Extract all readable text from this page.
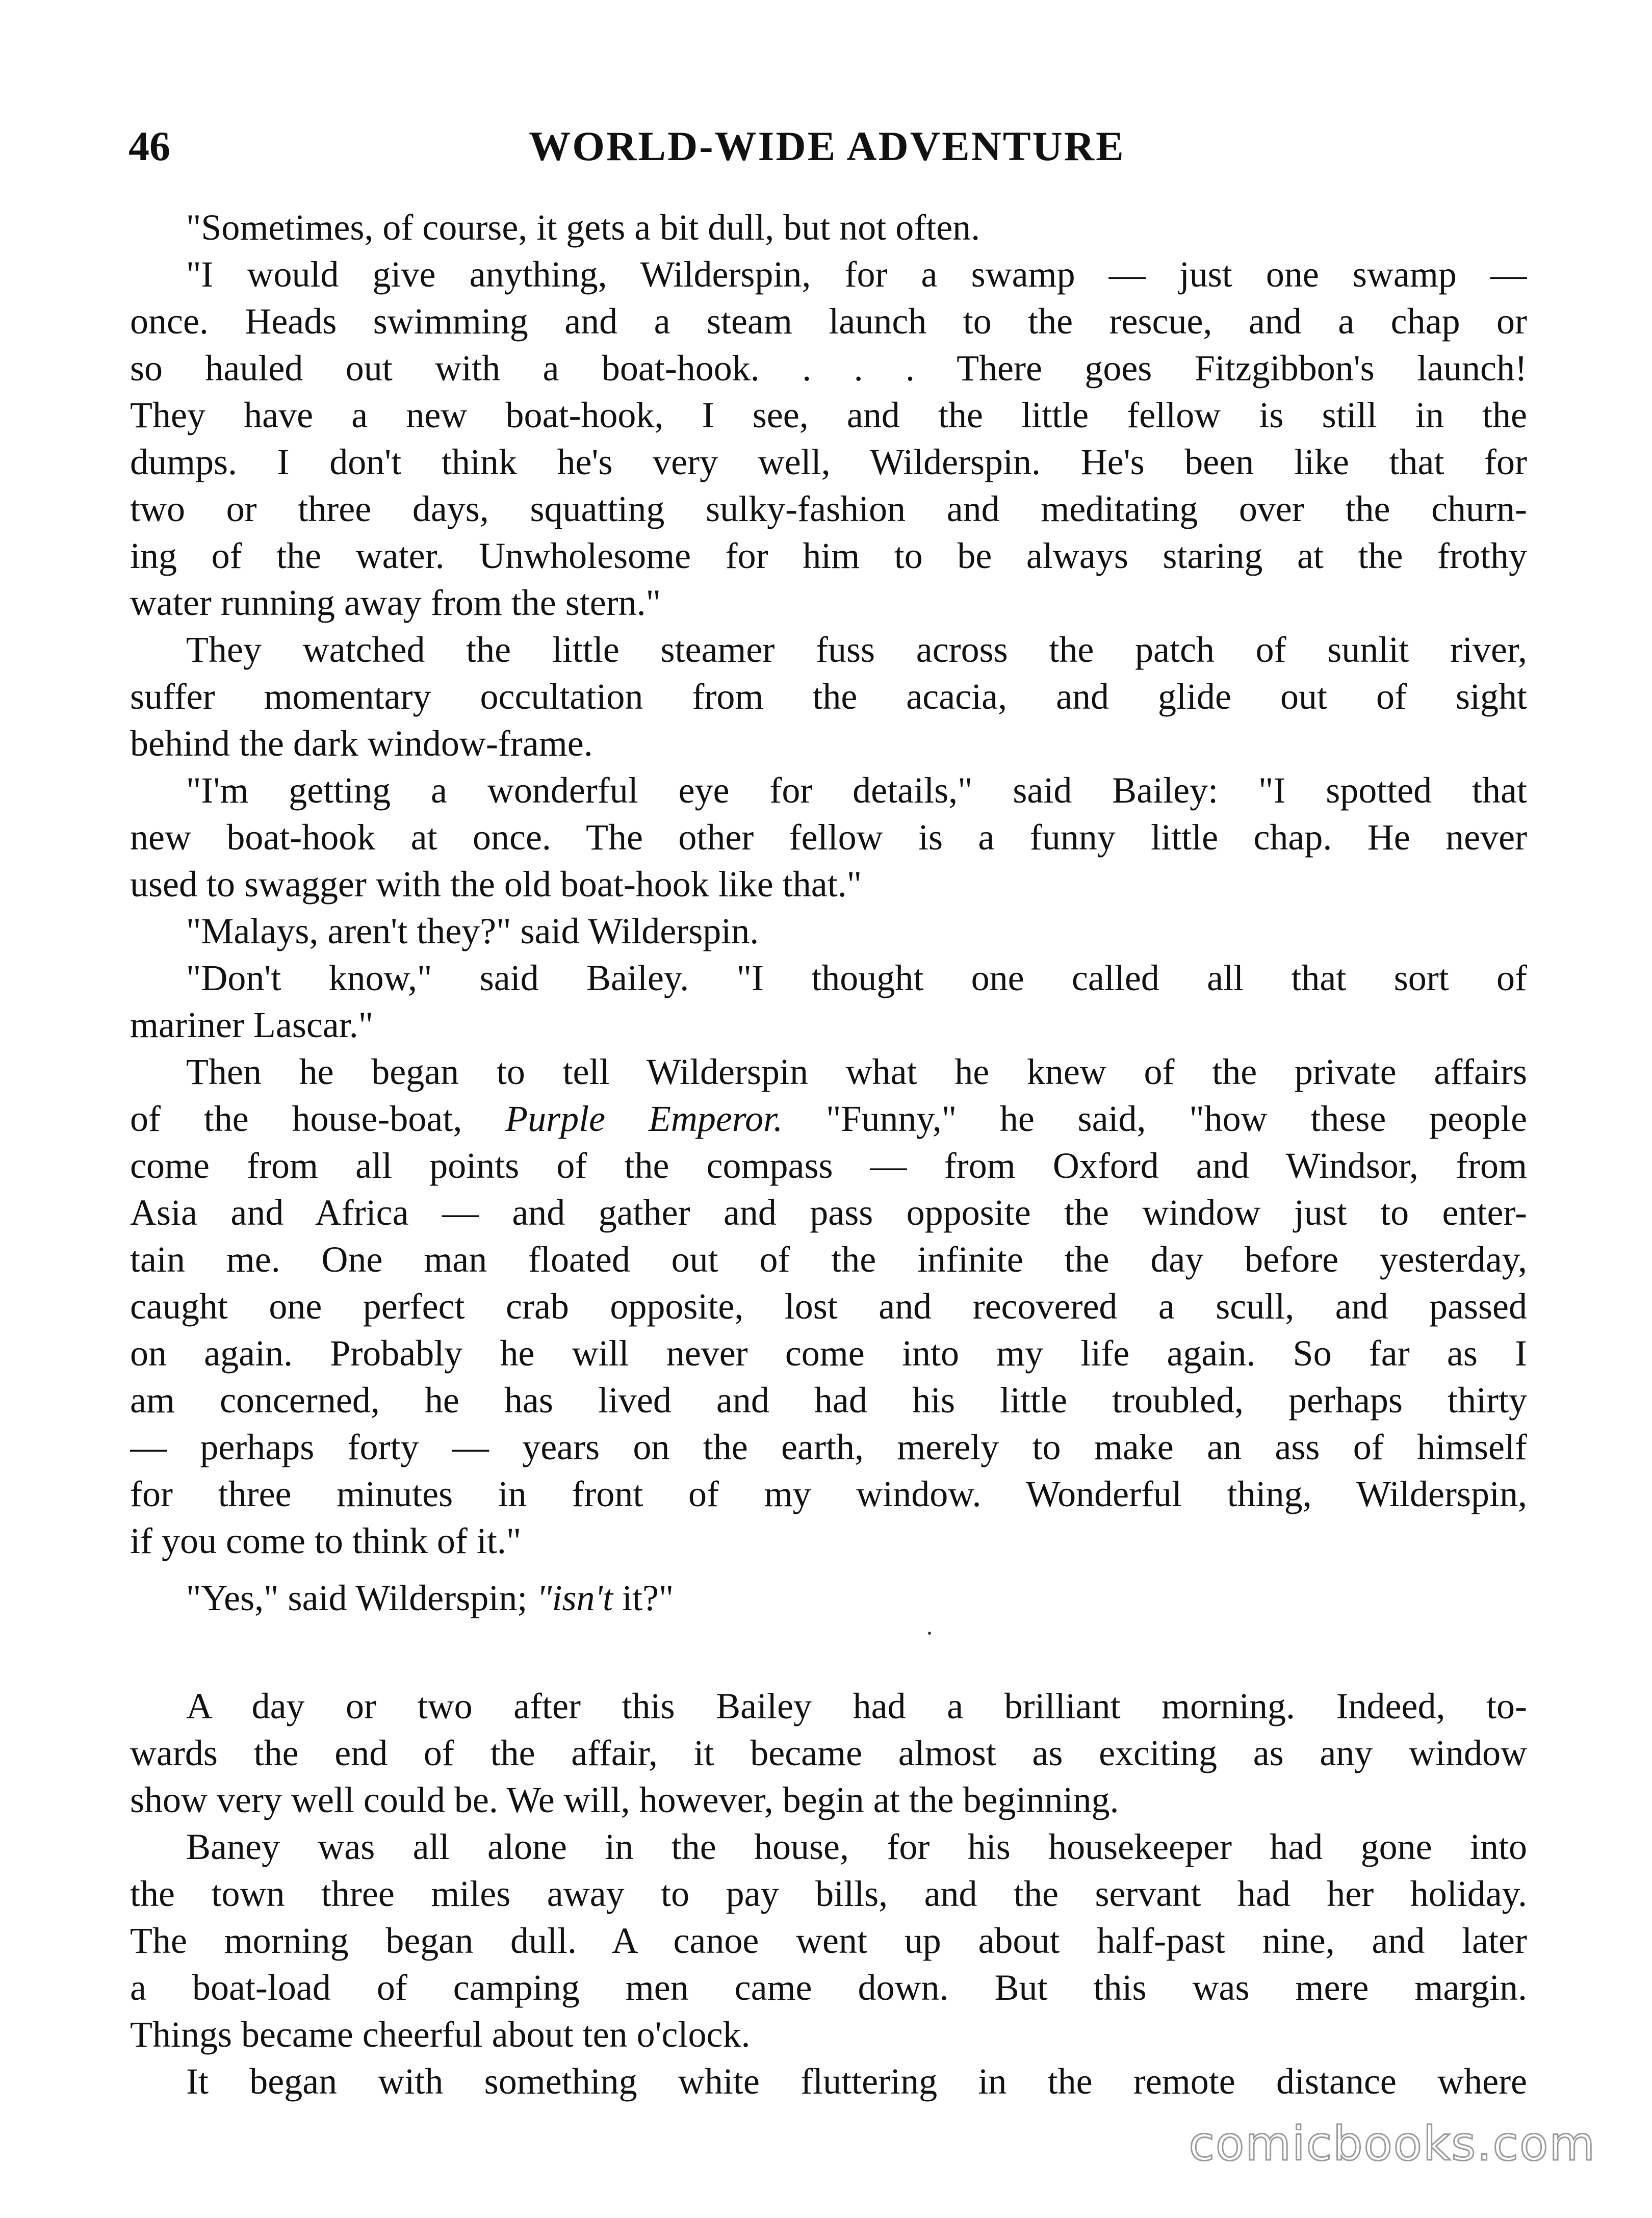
46	WORLD-WIDE ADVENTURE
"Sometimes, of course, it gets a bit dull, but not often.
"I would give anything, Wilderspin, for a swamp — just one swamp —
once. Heads swimming and a steam launch to the rescue, and a chap or
so hauled out with a boat-hook. . . . There goes Fitzgibbon's launch!
They have a new boat-hook, I see, and the little fellow is still in the
dumps. I don't think he's very well, Wilderspin. He's been like that for
two or three days, squatting sulky-fashion and meditating over the churn-
ing of the water. Unwholesome for him to be always staring at the frothy
water running away from the stern."
They watched the little steamer fuss across the patch of sunlit river,
suffer momentary occultation from the acacia, and glide out of sight
behind the dark window-frame.
"I'm getting a wonderful eye for details," said Bailey: "I spotted that
new boat-hook at once. The other fellow is a funny little chap. He never
used to swagger with the old boat-hook like that."
"Malays, aren't they?" said Wilderspin.
"Don't know," said Bailey. "I thought one called all that sort of
mariner Lascar."
Then he began to tell Wilderspin what he knew of the private affairs
of the house-boat, Purple Emperor. "Funny," he said, "how these people
come from all points of the compass — from Oxford and Windsor, from
Asia and Africa — and gather and pass opposite the window just to enter-
tain me. One man floated out of the infinite the day before yesterday,
caught one perfect crab opposite, lost and recovered a scull, and passed
on again. Probably he will never come into my life again. So far as I
am concerned, he has lived and had his little troubled, perhaps thirty
— perhaps forty — years on the earth, merely to make an ass of himself
for three minutes in front of my window. Wonderful thing, Wilderspin,
if you come to think of it."
"Yes," said Wilderspin; "isn't it?"
A day or two after this Bailey had a brilliant morning. Indeed, to-
wards the end of the affair, it became almost as exciting as any window
show very well could be. We will, however, begin at the beginning.
Baney was all alone in the house, for his housekeeper had gone into
the town three miles away to pay bills, and the servant had her holiday.
The morning began dull. A canoe went up about half-past nine, and later
a boat-load of camping men came down. But this was mere margin.
Things became cheerful about ten o'clock.
It began with something white fluttering in the remote distance where
comicbooks.com
